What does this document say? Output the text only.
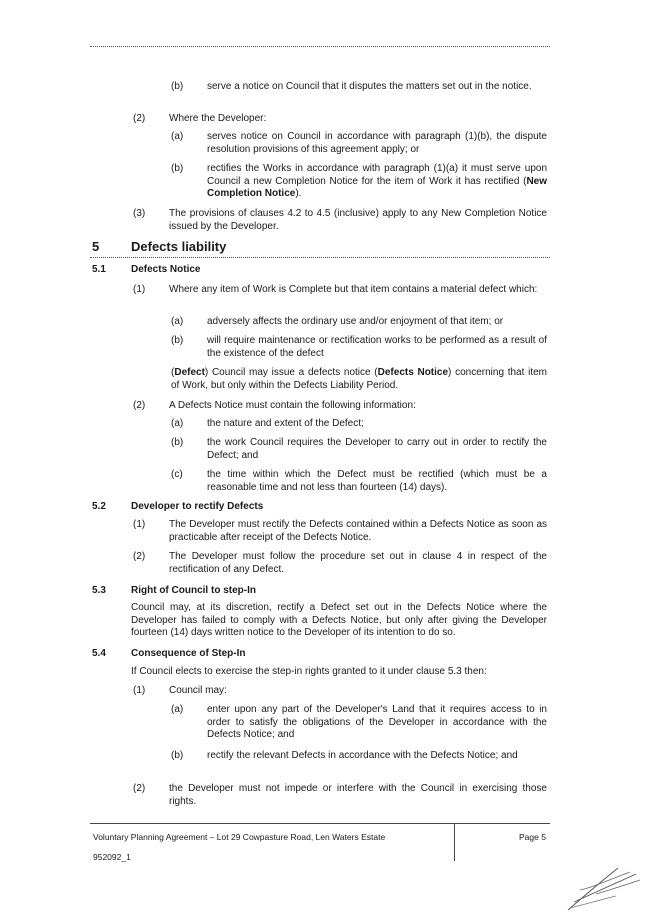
(b) serve a notice on Council that it disputes the matters set out in the notice.
(2) Where the Developer:
(a) serves notice on Council in accordance with paragraph (1)(b), the dispute resolution provisions of this agreement apply; or
(b) rectifies the Works in accordance with paragraph (1)(a) it must serve upon Council a new Completion Notice for the item of Work it has rectified (New Completion Notice).
(3) The provisions of clauses 4.2 to 4.5 (inclusive) apply to any New Completion Notice issued by the Developer.
5 Defects liability
5.1	Defects Notice
(1) Where any item of Work is Complete but that item contains a material defect which:
(a) adversely affects the ordinary use and/or enjoyment of that item; or
(b) will require maintenance or rectification works to be performed as a result of the existence of the defect
(Defect) Council may issue a defects notice (Defects Notice) concerning that item of Work, but only within the Defects Liability Period.
(2) A Defects Notice must contain the following information:
(a) the nature and extent of the Defect;
(b) the work Council requires the Developer to carry out in order to rectify the Defect; and
(c) the time within which the Defect must be rectified (which must be a reasonable time and not less than fourteen (14) days).
5.2	Developer to rectify Defects
(1) The Developer must rectify the Defects contained within a Defects Notice as soon as practicable after receipt of the Defects Notice.
(2) The Developer must follow the procedure set out in clause 4 in respect of the rectification of any Defect.
5.3	Right of Council to step-In
Council may, at its discretion, rectify a Defect set out in the Defects Notice where the Developer has failed to comply with a Defects Notice, but only after giving the Developer fourteen (14) days written notice to the Developer of its intention to do so.
5.4	Consequence of Step-In
If Council elects to exercise the step-in rights granted to it under clause 5.3 then:
(1) Council may:
(a) enter upon any part of the Developer's Land that it requires access to in order to satisfy the obligations of the Developer in accordance with the Defects Notice; and
(b) rectify the relevant Defects in accordance with the Defects Notice; and
(2) the Developer must not impede or interfere with the Council in exercising those rights.
Voluntary Planning Agreement – Lot 29 Cowpasture Road, Len Waters Estate	Page 5
952092_1
